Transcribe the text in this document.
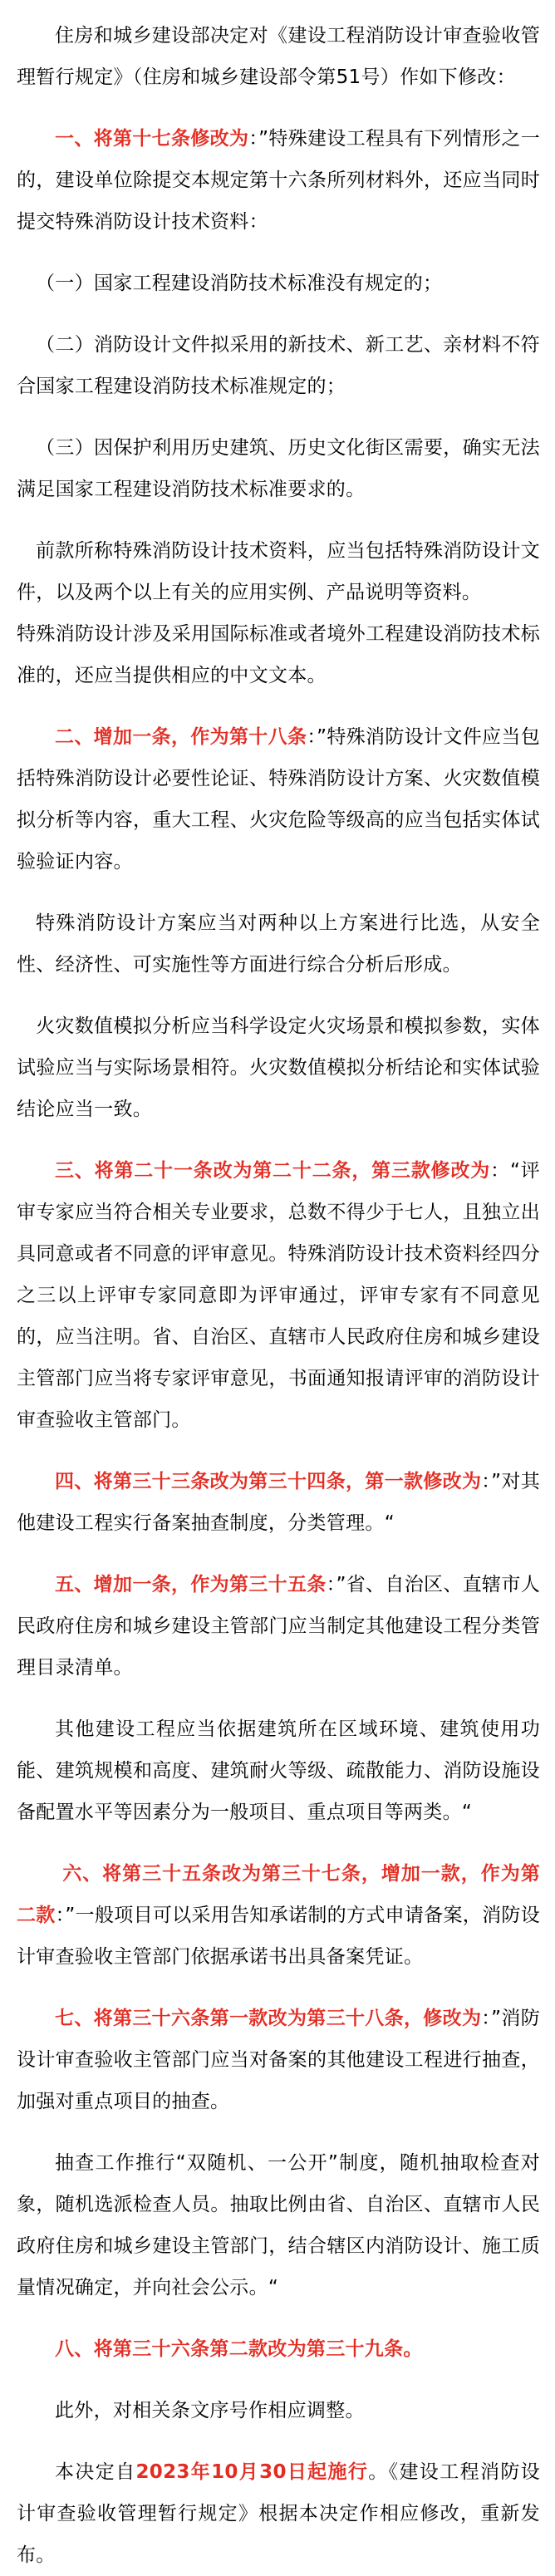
住房和城乡建设部决定对《建设工程消防设计审查验收管理暂行规定》（住房和城乡建设部令第51号）作如下修改：

一、将第十七条修改为：”特殊建设工程具有下列情形之一的，建设单位除提交本规定第十六条所列材料外，还应当同时提交特殊消防设计技术资料：

（一）国家工程建设消防技术标准没有规定的；

（二）消防设计文件拟采用的新技术、新工艺、亲材料不符合国家工程建设消防技术标准规定的；

（三）因保护利用历史建筑、历史文化街区需要，确实无法满足国家工程建设消防技术标准要求的。

前款所称特殊消防设计技术资料，应当包括特殊消防设计文件，以及两个以上有关的应用实例、产品说明等资料。

特殊消防设计涉及采用国际标准或者境外工程建设消防技术标准的，还应当提供相应的中文文本。

二、增加一条，作为第十八条：”特殊消防设计文件应当包括特殊消防设计必要性论证、特殊消防设计方案、火灾数值模拟分析等内容，重大工程、火灾危险等级高的应当包括实体试验验证内容。

特殊消防设计方案应当对两种以上方案进行比选，从安全性、经济性、可实施性等方面进行综合分析后形成。

火灾数值模拟分析应当科学设定火灾场景和模拟参数，实体试验应当与实际场景相符。火灾数值模拟分析结论和实体试验结论应当一致。

三、将第二十一条改为第二十二条，第三款修改为：“评审专家应当符合相关专业要求，总数不得少于七人，且独立出具同意或者不同意的评审意见。特殊消防设计技术资料经四分之三以上评审专家同意即为评审通过，评审专家有不同意见的，应当注明。省、自治区、直辖市人民政府住房和城乡建设主管部门应当将专家评审意见，书面通知报请评审的消防设计审查验收主管部门。

四、将第三十三条改为第三十四条，第一款修改为：”对其他建设工程实行备案抽查制度，分类管理。“

五、增加一条，作为第三十五条：”省、自治区、直辖市人民政府住房和城乡建设主管部门应当制定其他建设工程分类管理目录清单。

其他建设工程应当依据建筑所在区域环境、建筑使用功能、建筑规模和高度、建筑耐火等级、疏散能力、消防设施设备配置水平等因素分为一般项目、重点项目等两类。“

六、将第三十五条改为第三十七条，增加一款，作为第二款：”一般项目可以采用告知承诺制的方式申请备案，消防设计审查验收主管部门依据承诺书出具备案凭证。

七、将第三十六条第一款改为第三十八条，修改为：”消防设计审查验收主管部门应当对备案的其他建设工程进行抽查，加强对重点项目的抽查。

抽查工作推行“双随机、一公开”制度，随机抽取检查对象，随机选派检查人员。抽取比例由省、自治区、直辖市人民政府住房和城乡建设主管部门，结合辖区内消防设计、施工质量情况确定，并向社会公示。“

八、将第三十六条第二款改为第三十九条。

此外，对相关条文序号作相应调整。

本决定自2023年10月30日起施行。《建设工程消防设计审查验收管理暂行规定》根据本决定作相应修改，重新发布。
